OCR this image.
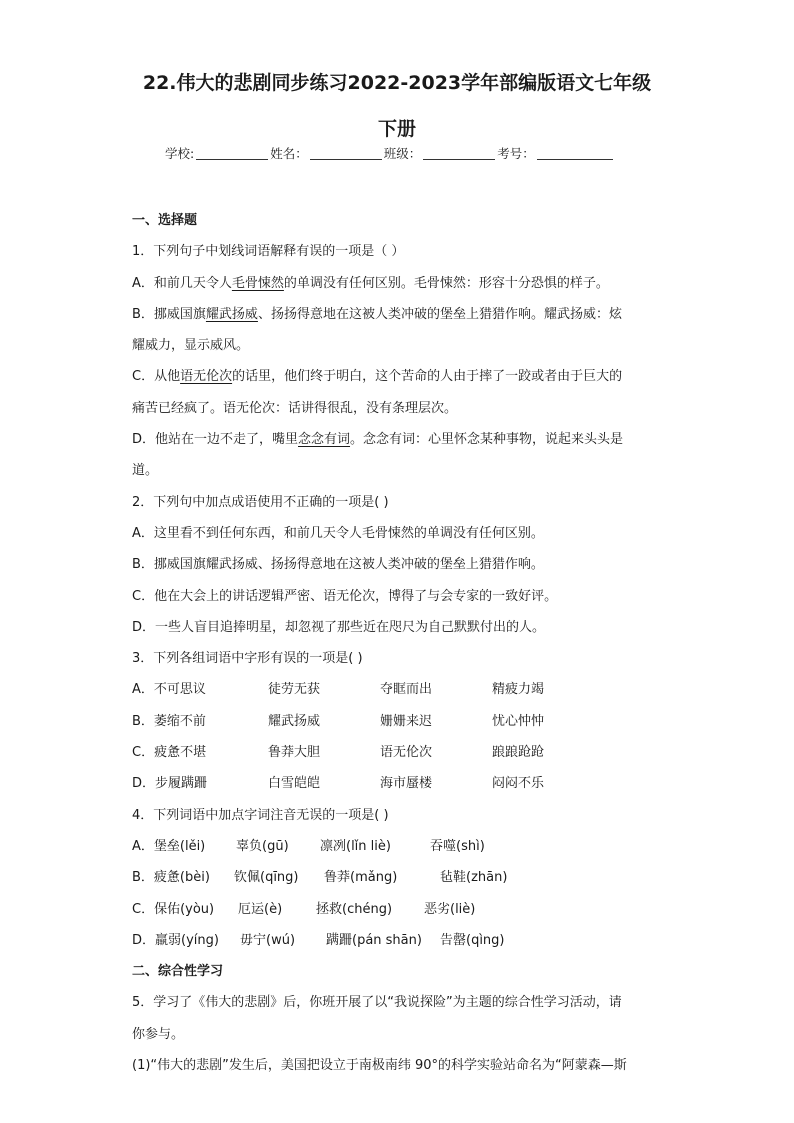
22.伟大的悲剧同步练习2022-2023学年部编版语文七年级
下册
学校:	姓名：	班级：	考号：
一、选择题
1．下列句子中划线词语解释有误的一项是（ ）
A．和前几天令人毛骨悚然的单调没有任何区别。毛骨悚然：形容十分恐惧的样子。
B．挪威国旗耀武扬威、扬扬得意地在这被人类冲破的堡垒上猎猎作响。耀武扬威：炫
耀威力，显示威风。
C．从他语无伦次的话里，他们终于明白，这个苦命的人由于摔了一跤或者由于巨大的
痛苦已经疯了。语无伦次：话讲得很乱，没有条理层次。
D．他站在一边不走了，嘴里念念有词。念念有词：心里怀念某种事物，说起来头头是
道。
2．下列句中加点成语使用不正确的一项是( )
A．这里看不到任何东西，和前几天令人毛骨悚然的单调没有任何区别。
B．挪威国旗耀武扬威、扬扬得意地在这被人类冲破的堡垒上猎猎作响。
C．他在大会上的讲话逻辑严密、语无伦次，博得了与会专家的一致好评。
D．一些人盲目追捧明星，却忽视了那些近在咫尺为自己默默付出的人。
3．下列各组词语中字形有误的一项是( )
A．不可思议	徒劳无获	夺眶而出	精疲力竭
B．萎缩不前	耀武扬威	姗姗来迟	忧心忡忡
C．疲惫不堪	鲁莽大胆	语无伦次	踉踉跄跄
D．步履蹒跚	白雪皑皑	海市蜃楼	闷闷不乐
4．下列词语中加点字词注音无误的一项是( )
A．堡垒(lěi)	辜负(gū)	凛冽(lǐn liè)	吞噬(shì)
B．疲惫(bèi)	钦佩(qīng)	鲁莽(mǎng)	毡鞋(zhān)
C．保佑(yòu)	厄运(è)	拯救(chéng)	恶劣(liè)
D．羸弱(yíng)	毋宁(wú)	蹒跚(pán shān)	告罄(qìng)
二、综合性学习
5．学习了《伟大的悲剧》后，你班开展了以“我说探险”为主题的综合性学习活动，请
你参与。
(1)“伟大的悲剧”发生后，美国把设立于南极南纬 90°的科学实验站命名为“阿蒙森—斯
